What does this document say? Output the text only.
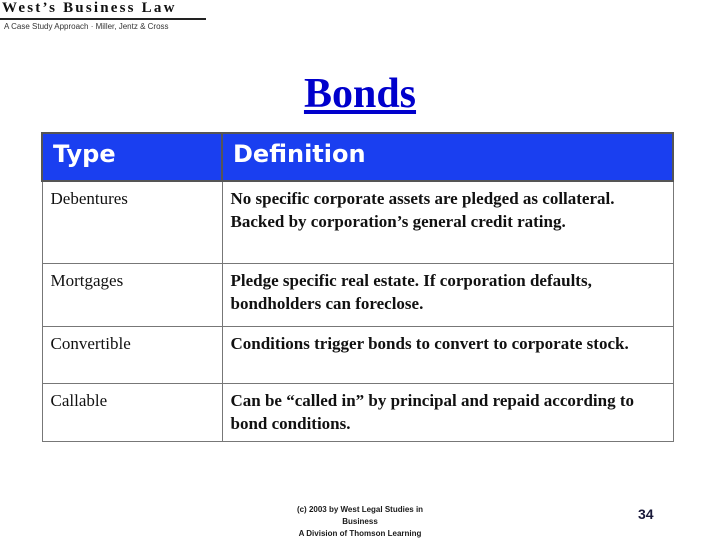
West’s Business Law
A Case Study Approach · Miller, Jentz & Cross
Bonds
Type	Definition
Debentures	No specific corporate assets are pledged as collateral. Backed by corporation’s general credit rating.
Mortgages	Pledge specific real estate. If corporation defaults, bondholders can foreclose.
Convertible	Conditions trigger bonds to convert to corporate stock.
Callable	Can be “called in” by principal and repaid according to bond conditions.
(c) 2003 by West Legal Studies in Business
A Division of Thomson Learning
34
